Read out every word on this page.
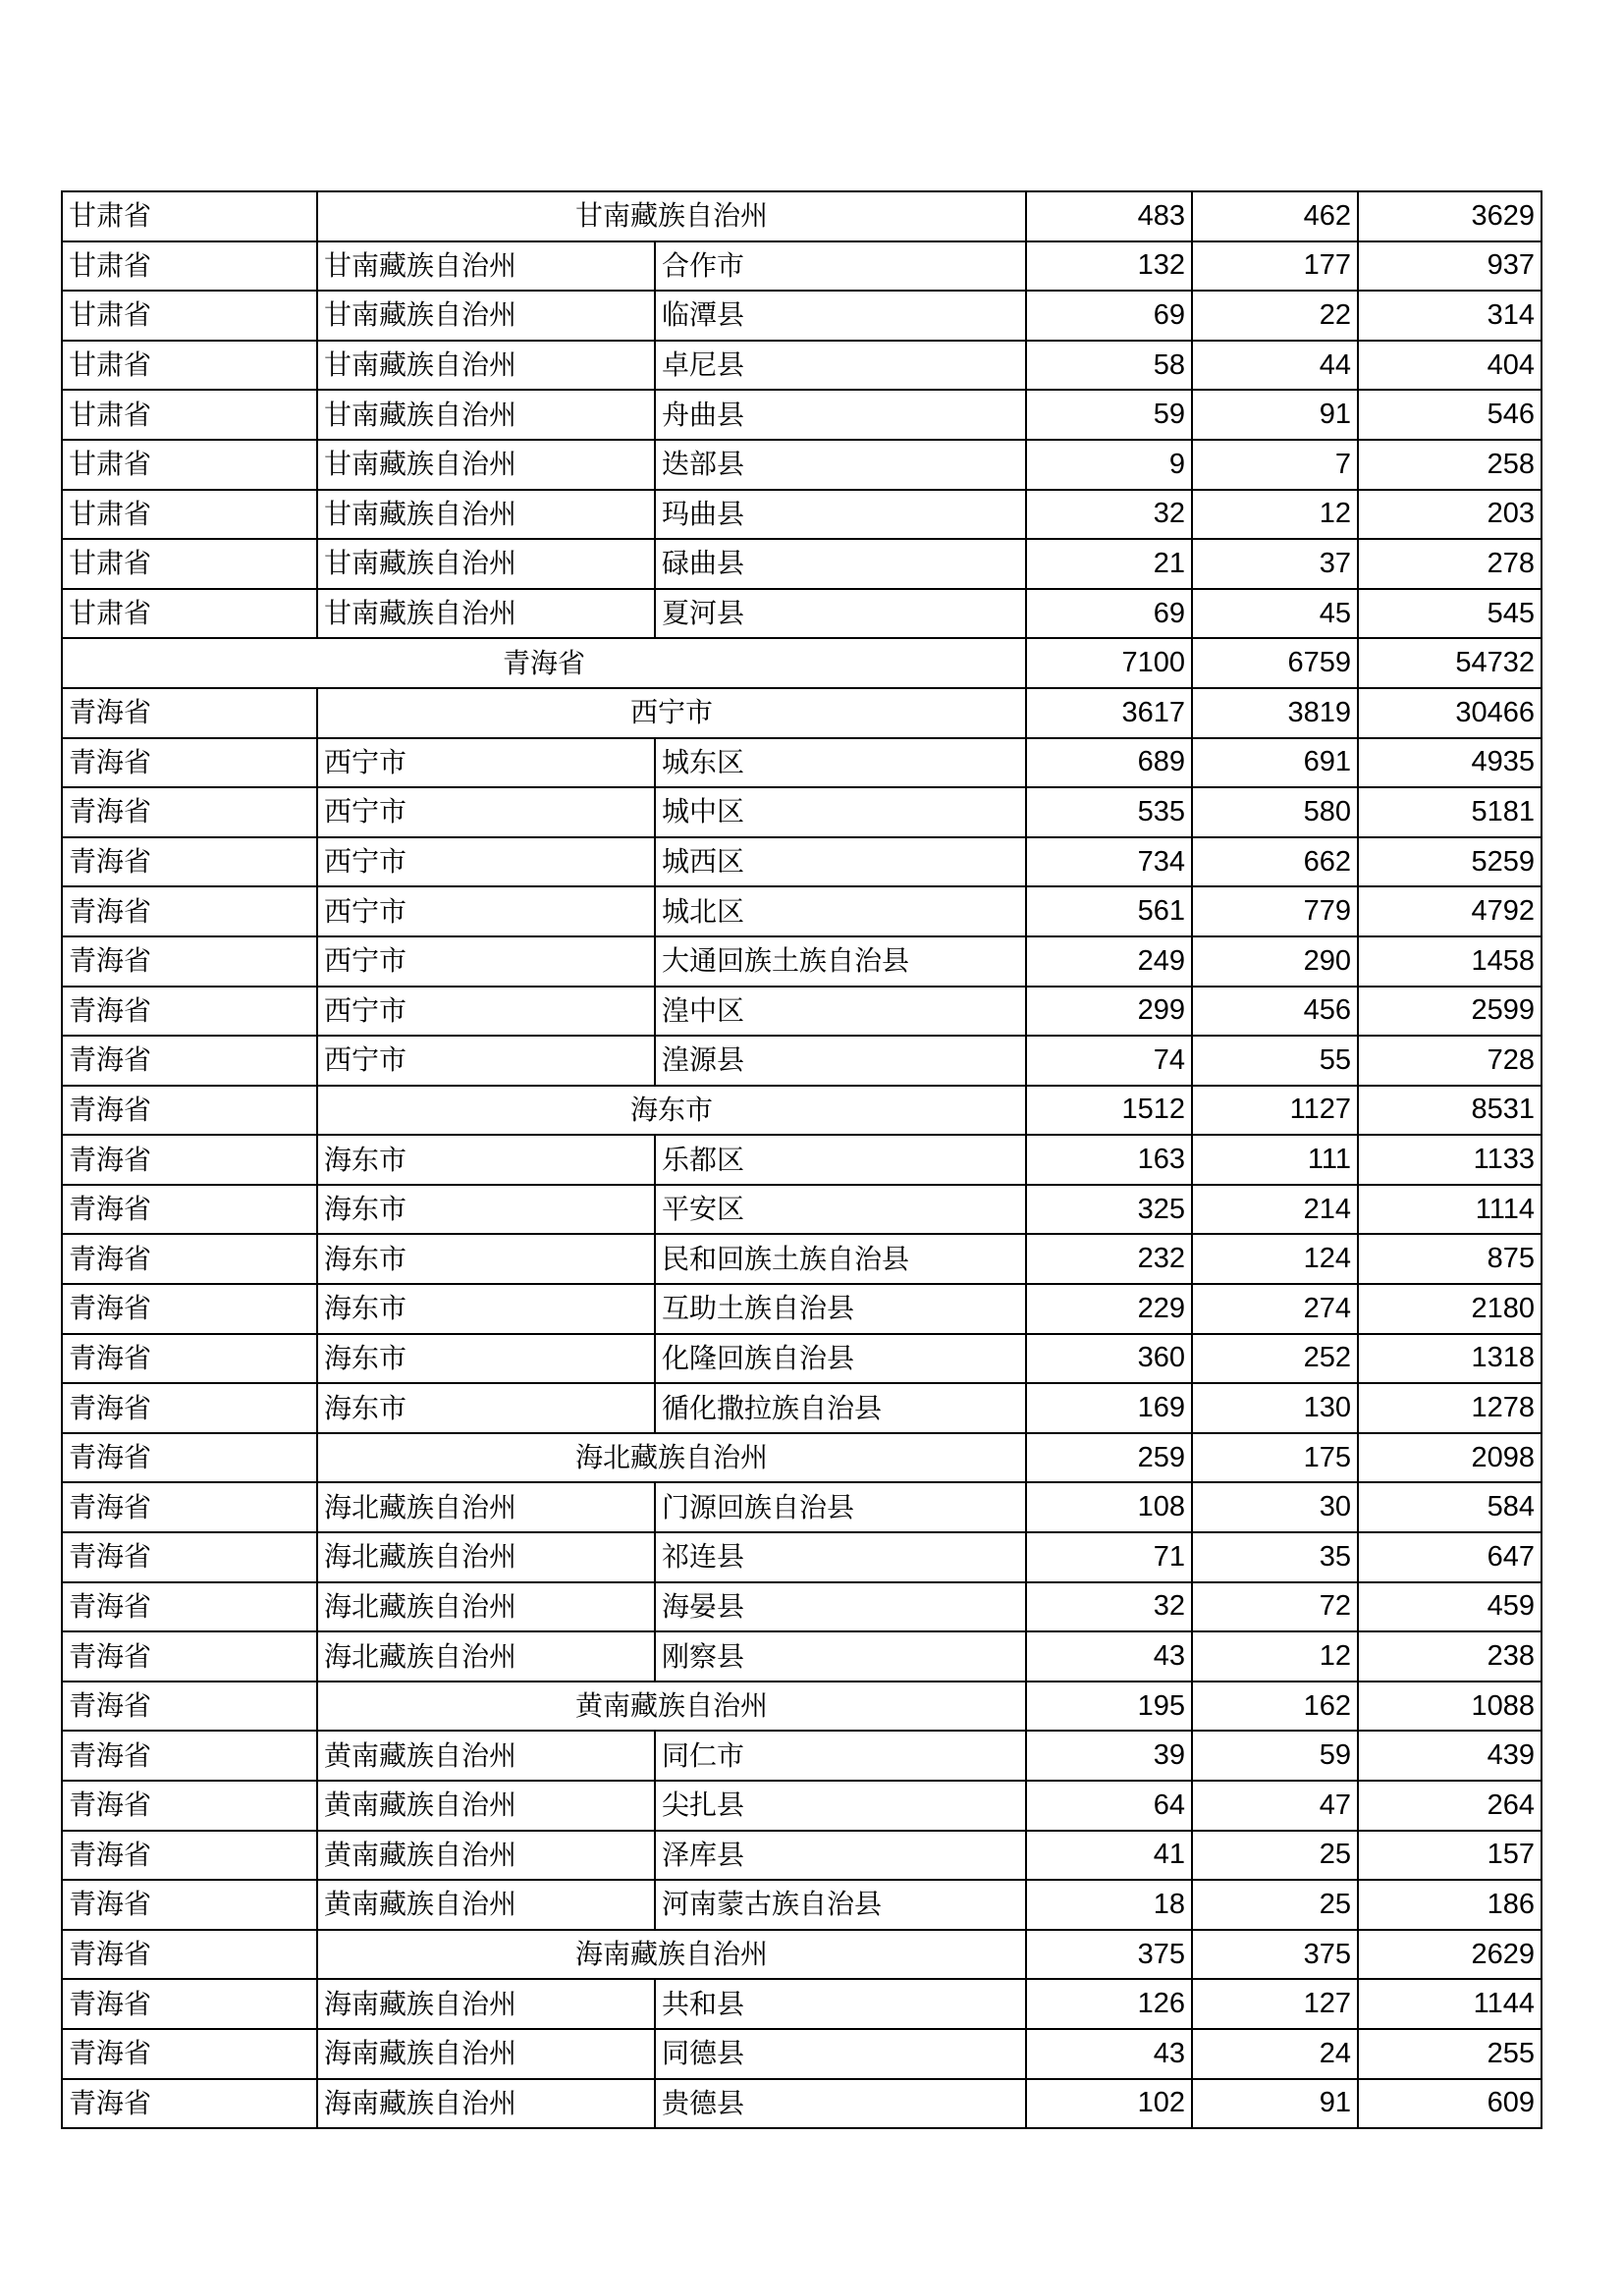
甘肃省	甘南藏族自治州		483	462	3629
甘肃省	甘南藏族自治州	合作市	132	177	937
甘肃省	甘南藏族自治州	临潭县	69	22	314
甘肃省	甘南藏族自治州	卓尼县	58	44	404
甘肃省	甘南藏族自治州	舟曲县	59	91	546
甘肃省	甘南藏族自治州	迭部县	9	7	258
甘肃省	甘南藏族自治州	玛曲县	32	12	203
甘肃省	甘南藏族自治州	碌曲县	21	37	278
甘肃省	甘南藏族自治州	夏河县	69	45	545
青海省			7100	6759	54732
青海省	西宁市		3617	3819	30466
青海省	西宁市	城东区	689	691	4935
青海省	西宁市	城中区	535	580	5181
青海省	西宁市	城西区	734	662	5259
青海省	西宁市	城北区	561	779	4792
青海省	西宁市	大通回族土族自治县	249	290	1458
青海省	西宁市	湟中区	299	456	2599
青海省	西宁市	湟源县	74	55	728
青海省	海东市		1512	1127	8531
青海省	海东市	乐都区	163	111	1133
青海省	海东市	平安区	325	214	1114
青海省	海东市	民和回族土族自治县	232	124	875
青海省	海东市	互助土族自治县	229	274	2180
青海省	海东市	化隆回族自治县	360	252	1318
青海省	海东市	循化撒拉族自治县	169	130	1278
青海省	海北藏族自治州		259	175	2098
青海省	海北藏族自治州	门源回族自治县	108	30	584
青海省	海北藏族自治州	祁连县	71	35	647
青海省	海北藏族自治州	海晏县	32	72	459
青海省	海北藏族自治州	刚察县	43	12	238
青海省	黄南藏族自治州		195	162	1088
青海省	黄南藏族自治州	同仁市	39	59	439
青海省	黄南藏族自治州	尖扎县	64	47	264
青海省	黄南藏族自治州	泽库县	41	25	157
青海省	黄南藏族自治州	河南蒙古族自治县	18	25	186
青海省	海南藏族自治州		375	375	2629
青海省	海南藏族自治州	共和县	126	127	1144
青海省	海南藏族自治州	同德县	43	24	255
青海省	海南藏族自治州	贵德县	102	91	609
